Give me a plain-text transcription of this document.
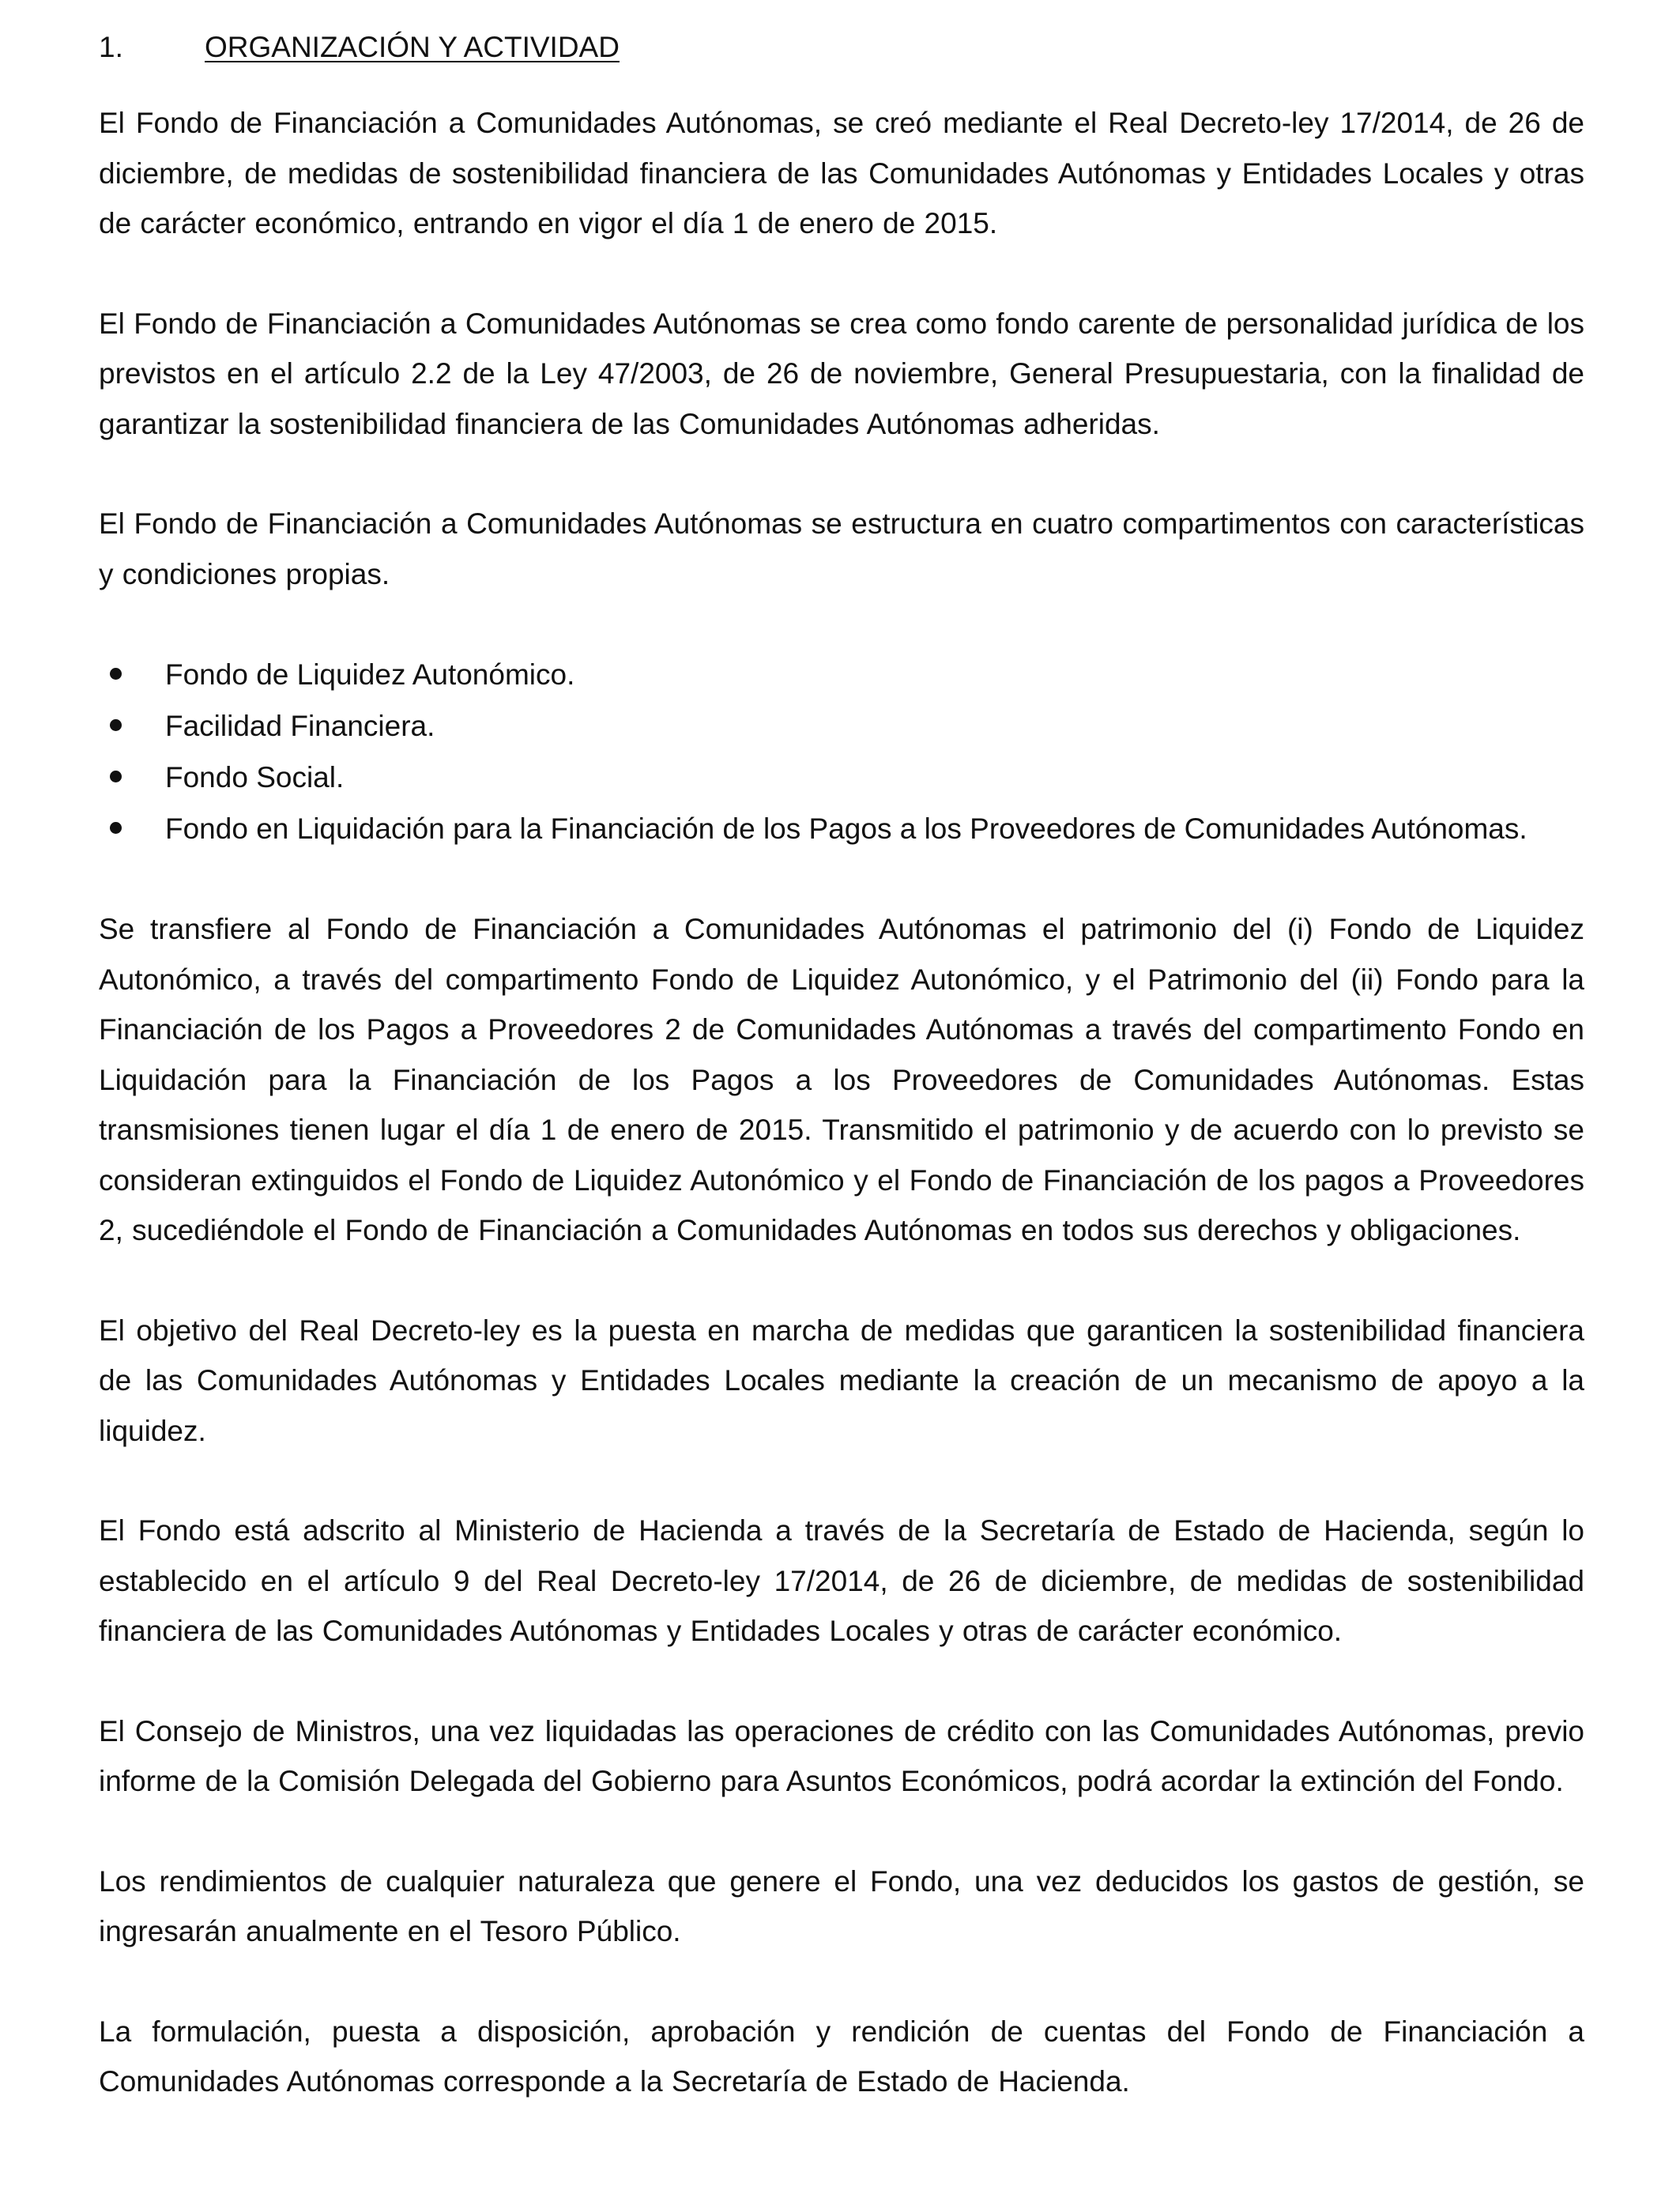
1.	ORGANIZACIÓN Y ACTIVIDAD

El Fondo de Financiación a Comunidades Autónomas, se creó mediante el Real Decreto-ley 17/2014, de 26 de diciembre, de medidas de sostenibilidad financiera de las Comunidades Autónomas y Entidades Locales y otras de carácter económico, entrando en vigor el día 1 de enero de 2015.

El Fondo de Financiación a Comunidades Autónomas se crea como fondo carente de personalidad jurídica de los previstos en el artículo 2.2 de la Ley 47/2003, de 26 de noviembre, General Presupuestaria, con la finalidad de garantizar la sostenibilidad financiera de las Comunidades Autónomas adheridas.

El Fondo de Financiación a Comunidades Autónomas se estructura en cuatro compartimentos con características y condiciones propias.

Fondo de Liquidez Autonómico.
Facilidad Financiera.
Fondo Social.
Fondo en Liquidación para la Financiación de los Pagos a los Proveedores de Comunidades Autónomas.

Se transfiere al Fondo de Financiación a Comunidades Autónomas el patrimonio del (i) Fondo de Liquidez Autonómico, a través del compartimento Fondo de Liquidez Autonómico, y el Patrimonio del (ii) Fondo para la Financiación de los Pagos a Proveedores 2 de Comunidades Autónomas a través del compartimento Fondo en Liquidación para la Financiación de los Pagos a los Proveedores de Comunidades Autónomas. Estas transmisiones tienen lugar el día 1 de enero de 2015. Transmitido el patrimonio y de acuerdo con lo previsto se consideran extinguidos el Fondo de Liquidez Autonómico y el Fondo de Financiación de los pagos a Proveedores 2, sucediéndole el Fondo de Financiación a Comunidades Autónomas en todos sus derechos y obligaciones.

El objetivo del Real Decreto-ley es la puesta en marcha de medidas que garanticen la sostenibilidad financiera de las Comunidades Autónomas y Entidades Locales mediante la creación de un mecanismo de apoyo a la liquidez.

El Fondo está adscrito al Ministerio de Hacienda a través de la Secretaría de Estado de Hacienda, según lo establecido en el artículo 9 del Real Decreto-ley 17/2014, de 26 de diciembre, de medidas de sostenibilidad financiera de las Comunidades Autónomas y Entidades Locales y otras de carácter económico.

El Consejo de Ministros, una vez liquidadas las operaciones de crédito con las Comunidades Autónomas, previo informe de la Comisión Delegada del Gobierno para Asuntos Económicos, podrá acordar la extinción del Fondo.

Los rendimientos de cualquier naturaleza que genere el Fondo, una vez deducidos los gastos de gestión, se ingresarán anualmente en el Tesoro Público.

La formulación, puesta a disposición, aprobación y rendición de cuentas del Fondo de Financiación a Comunidades Autónomas corresponde a la Secretaría de Estado de Hacienda.
